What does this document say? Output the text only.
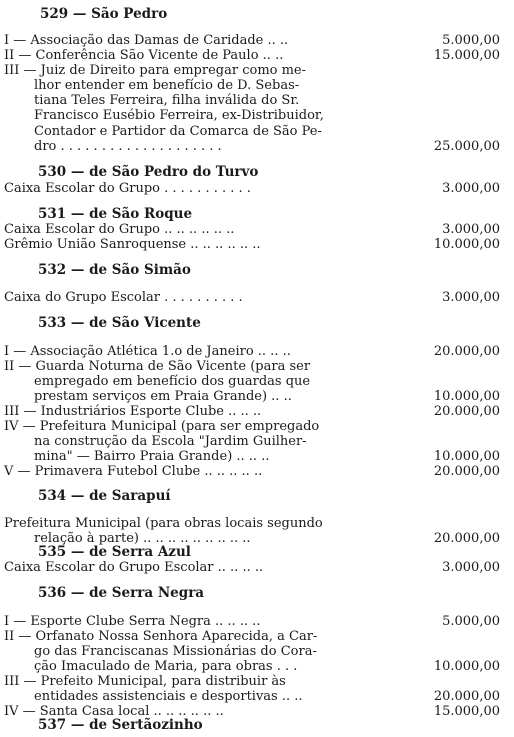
529 — São Pedro
I — Associação das Damas de Caridade .. ..	5.000,00
II — Conferência São Vicente de Paulo .. ..	15.000,00
III — Juiz de Direito para empregar como me-
lhor entender em benefício de D. Sebas-
tiana Teles Ferreira, filha inválida do Sr.
Francisco Eusébio Ferreira, ex-Distribuidor,
Contador e Partidor da Comarca de São Pe-
dro . . . . . . . . . . . . . . . . . . . .	25.000,00
530 — de São Pedro do Turvo
Caixa Escolar do Grupo . . . . . . . . . . .	3.000,00
531 — de São Roque
Caixa Escolar do Grupo .. .. .. .. .. ..	3.000,00
Grêmio União Sanroquense .. .. .. .. .. ..	10.000,00
532 — de São Simão
Caixa do Grupo Escolar . . . . . . . . . .	3.000,00
533 — de São Vicente
I — Associação Atlética 1.o de Janeiro .. .. ..	20.000,00
II — Guarda Noturna de São Vicente (para ser
empregado em benefício dos guardas que
prestam serviços em Praia Grande) .. ..	10.000,00
III — Industriários Esporte Clube .. .. ..	20.000,00
IV — Prefeitura Municipal (para ser empregado
na construção da Escola "Jardim Guilher-
mina" — Bairro Praia Grande) .. .. ..	10.000,00
V — Primavera Futebol Clube .. .. .. .. ..	20.000,00
534 — de Sarapuí
Prefeitura Municipal (para obras locais segundo
relação à parte) .. .. .. .. .. .. .. .. ..	20.000,00
535 — de Serra Azul
Caixa Escolar do Grupo Escolar .. .. .. ..	3.000,00
536 — de Serra Negra
I — Esporte Clube Serra Negra .. .. .. ..	5.000,00
II — Orfanato Nossa Senhora Aparecida, a Car-
go das Franciscanas Missionárias do Cora-
ção Imaculado de Maria, para obras . . .	10.000,00
III — Prefeito Municipal, para distribuir às
entidades assistenciais e desportivas .. ..	20.000,00
IV — Santa Casa local .. .. .. .. .. ..	15.000,00
537 — de Sertãozinho
